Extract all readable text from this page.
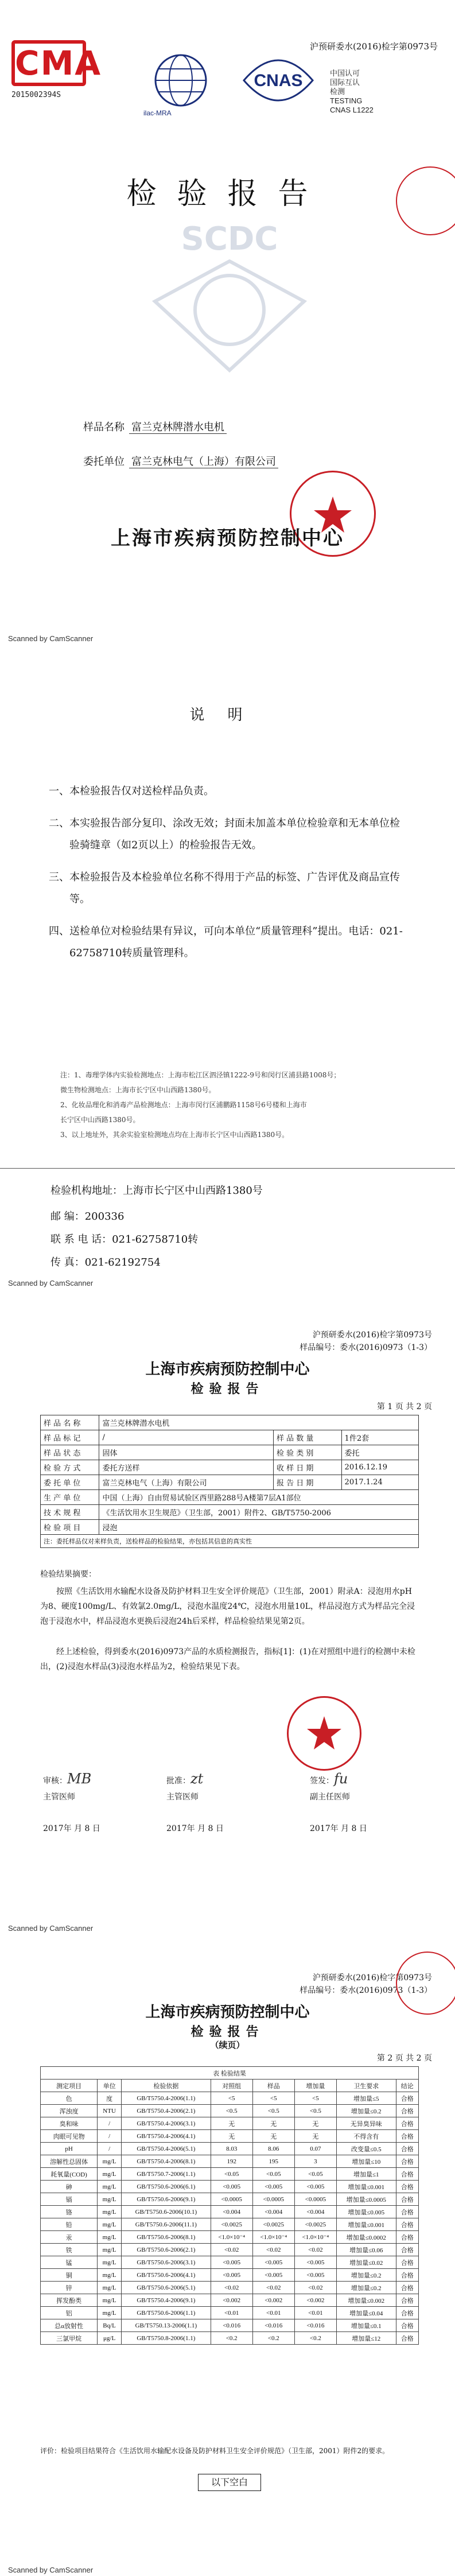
沪预研委水(2016)检字第0973号
CMA
2015002394S
ilac-MRA
CNAS	中国认可
国际互认
检测
TESTING
CNAS L1222
检验报告
SCDC
样品名称 富兰克林牌潜水电机
委托单位 富兰克林电气（上海）有限公司
上海市疾病预防控制中心
Scanned by CamScanner
说明

一、本检验报告仅对送检样品负责。

二、本实验报告部分复印、涂改无效；封面未加盖本单位检验章和无本单位检验骑缝章（如2页以上）的检验报告无效。

三、本检验报告及本检验单位名称不得用于产品的标签、广告评优及商品宣传等。

四、送检单位对检验结果有异议，可向本单位“质量管理科”提出。电话：021-62758710转质量管理科。

注：1、毒理学体内实验检测地点：上海市松江区泗泾镇1222-9号和闵行区浦县路1008号；
微生物检测地点：上海市长宁区中山西路1380号。
2、化妆品理化和消毒产品检测地点：上海市闵行区浦鹏路1158号6号楼和上海市
长宁区中山西路1380号。
3、以上地址外，其余实验室检测地点均在上海市长宁区中山西路1380号。
检验机构地址：上海市长宁区中山西路1380号
邮 编：200336
联 系 电 话：021-62758710转
传 真：021-62192754
Scanned by CamScanner
沪预研委水(2016)检字第0973号
样品编号：委水(2016)0973（1-3）
上海市疾病预防控制中心
检验报告
第 1 页 共 2 页
样 品 名 称	富兰克林牌潜水电机		
样 品 标 记	/	样 品 数 量	1件2套
样 品 状 态	固体	检 验 类 别	委托
检 验 方 式	委托方送样	收 样 日 期	2016.12.19
委 托 单 位	富兰克林电气（上海）有限公司	报 告 日 期	2017.1.24
生 产 单 位	中国（上海）自由贸易试验区西里路288号A楼第7层A1部位		
技 术 规 程	《生活饮用水卫生规范》（卫生部，2001）附件2、GB/T5750-2006		
检 验 项 目	浸泡		
注：委托样品仅对来样负责，送检样品的检验结果，亦包括其信息的真实性			
检验结果摘要：
按照《生活饮用水输配水设备及防护材料卫生安全评价规范》（卫生部，2001）附录A：浸泡用水pH为8、硬度100mg/L、有效氯2.0mg/L，浸泡水温度24℃，浸泡水用量10L，样品浸泡方式为样品完全浸泡于浸泡水中，样品浸泡水更换后浸泡24h后采样，样品检验结果见第2页。
经上述检验，得到委水(2016)0973产品的水质检测报告，指标[1]：(1)在对照组中进行的检测中未检出，(2)浸泡水样品(3)浸泡水样品为2，检验结果见下表。
审核：MB
主管医师
批准：zt
主管医师
签发：fu
副主任医师
2017年 月 8 日	2017年 月 8 日	2017年 月 8 日
Scanned by CamScanner
沪预研委水(2016)检字第0973号
样品编号：委水(2016)0973（1-3）
上海市疾病预防控制中心
检验报告
（续页）
第 2 页 共 2 页
表 检验结果							
测定项目	单位	检验依据	对照组	样品	增加量	卫生要求	结论
色	度	GB/T5750.4-2006(1.1)	<5	<5	<5	增加量≤5	合格
浑浊度	NTU	GB/T5750.4-2006(2.1)	<0.5	<0.5	<0.5	增加量≤0.2	合格
臭和味	/	GB/T5750.4-2006(3.1)	无	无	无	无异臭异味	合格
肉眼可见物	/	GB/T5750.4-2006(4.1)	无	无	无	不得含有	合格
pH	/	GB/T5750.4-2006(5.1)	8.03	8.06	0.07	改变量≤0.5	合格
溶解性总固体	mg/L	GB/T5750.4-2006(8.1)	192	195	3	增加量≤10	合格
耗氧量(COD)	mg/L	GB/T5750.7-2006(1.1)	<0.05	<0.05	<0.05	增加量≤1	合格
砷	mg/L	GB/T5750.6-2006(6.1)	<0.005	<0.005	<0.005	增加量≤0.001	合格
镉	mg/L	GB/T5750.6-2006(9.1)	<0.0005	<0.0005	<0.0005	增加量≤0.0005	合格
铬	mg/L	GB/T5750.6-2006(10.1)	<0.004	<0.004	<0.004	增加量≤0.005	合格
铅	mg/L	GB/T5750.6-2006(11.1)	<0.0025	<0.0025	<0.0025	增加量≤0.001	合格
汞	mg/L	GB/T5750.6-2006(8.1)	<1.0×10⁻⁴	<1.0×10⁻⁴	<1.0×10⁻⁴	增加量≤0.0002	合格
铁	mg/L	GB/T5750.6-2006(2.1)	<0.02	<0.02	<0.02	增加量≤0.06	合格
锰	mg/L	GB/T5750.6-2006(3.1)	<0.005	<0.005	<0.005	增加量≤0.02	合格
铜	mg/L	GB/T5750.6-2006(4.1)	<0.005	<0.005	<0.005	增加量≤0.2	合格
锌	mg/L	GB/T5750.6-2006(5.1)	<0.02	<0.02	<0.02	增加量≤0.2	合格
挥发酚类	mg/L	GB/T5750.4-2006(9.1)	<0.002	<0.002	<0.002	增加量≤0.002	合格
铝	mg/L	GB/T5750.6-2006(1.1)	<0.01	<0.01	<0.01	增加量≤0.04	合格
总α放射性	Bq/L	GB/T5750.13-2006(1.1)	<0.016	<0.016	<0.016	增加量≤0.1	合格
三氯甲烷	μg/L	GB/T5750.8-2006(1.1)	<0.2	<0.2	<0.2	增加量≤12	合格
评价：检验项目结果符合《生活饮用水输配水设备及防护材料卫生安全评价规范》（卫生部，2001）附件2的要求。
以下空白
Scanned by CamScanner
